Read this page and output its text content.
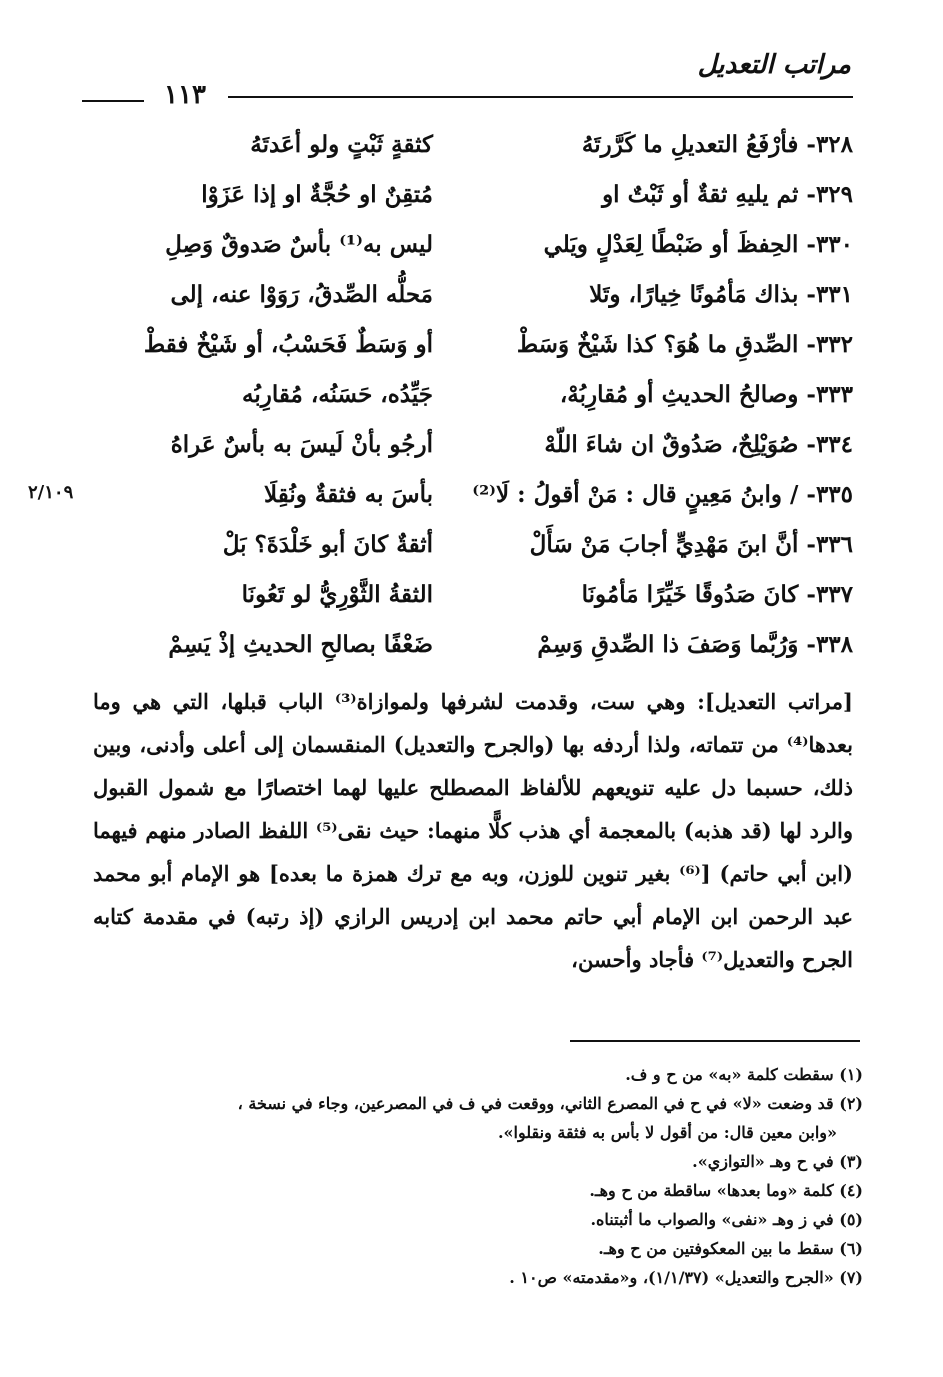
مراتب التعديل
١١٣
٣٢٨- فأرْفَعُ التعديلِ ما كَرَّرتَهُ
كثقةٍ ثَبْتٍ ولو أعَدتَهُ
٣٢٩- ثم يليهِ ثقةٌ أو ثَبْتٌ او
مُتقِنٌ او حُجَّةٌ او إذا عَزَوْا
٣٣٠- الحِفظَ أو ضَبْطًا لِعَدْلٍ ويَلي
ليس به⁽¹⁾ بأسٌ صَدوقٌ وَصِلِ
٣٣١- بذاك مَأمُونًا خِيارًا، وتَلا
مَحلُّه الصِّدقُ، رَوَوْا عنه، إلى
٣٣٢- الصِّدقِ ما هُوَ؟ كذا شَيْخٌ وَسَطْ
أو وَسَطٌ فَحَسْبُ، أو شَيْخٌ فقطْ
٣٣٣- وصالحُ الحديثِ أو مُقارِبُهْ،
جَيِّدُه، حَسَنُه، مُقارِبُه
٣٣٤- صُوَيْلِحٌ، صَدُوقٌ ان شاءَ اللّهْ
أرجُو بأنْ لَيسَ به بأسٌ عَراهُ
٣٣٥- / وابنُ مَعِينٍ قال : مَنْ أقولُ : لَا⁽²⁾
بأسَ به فثقةٌ ونُقِلَا
٣٣٦- أنَّ ابنَ مَهْدِيٍّ أجابَ مَنْ سَأَلْ
أثقةٌ كانَ أبو خَلْدَةَ؟ بَلْ
٣٣٧- كانَ صَدُوقًا خَيِّرًا مَأمُونَا
الثقةُ الثَّوْرِيُّ لو تَعُونَا
٣٣٨- وَرُبَّما وَصَفَ ذا الصِّدقِ وَسِمْ
ضَعْفًا بصالحِ الحديثِ إذْ يَسِمْ
٢/١٠٩

[مراتب التعديل]: وهي ست، وقدمت لشرفها ولموازاة⁽³⁾ الباب قبلها، التي هي وما بعدها⁽⁴⁾ من تتماته، ولذا أردفه بها (والجرح والتعديل) المنقسمان إلى أعلى وأدنى، وبين ذلك، حسبما دل عليه تنويعهم للألفاظ المصطلح عليها لهما اختصارًا مع شمول القبول والرد لها (قد هذبه) بالمعجمة أي هذب كلًّا منهما: حيث نقى⁽⁵⁾ اللفظ الصادر منهم فيهما (ابن أبي حاتم) [⁽⁶⁾ بغير تنوين للوزن، وبه مع ترك همزة ما بعده] هو الإمام أبو محمد عبد الرحمن ابن الإمام أبي حاتم محمد ابن إدريس الرازي (إذ رتبه) في مقدمة كتابه الجرح والتعديل⁽⁷⁾ فأجاد وأحسن،

(١) سقطت كلمة «به» من ح و ف.

(٢) قد وضعت «لا» في ح في المصرع الثاني، ووقعت في ف في المصرعين، وجاء في نسخة ،
«وابن معين قال: من أقول لا بأس به فثقة ونقلوا».

(٣) في ح وهـ «التوازي».

(٤) كلمة «وما بعدها» ساقطة من ح وهـ.

(٥) في ز وهـ «نفى» والصواب ما أثبتناه.

(٦) سقط ما بين المعكوفتين من ح وهـ.

(٧) «الجرح والتعديل» (١/١/٣٧)، و«مقدمته» ص١٠ .
